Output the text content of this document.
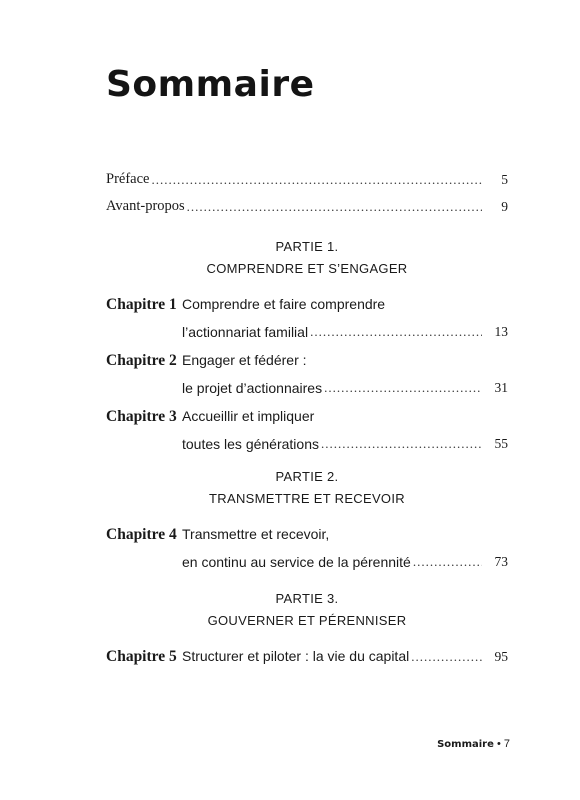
Sommaire
Préface .....	5
Avant-propos .....	9
PARTIE 1.
COMPRENDRE ET S’ENGAGER
Chapitre 1 Comprendre et faire comprendre
l’actionnariat familial .....	13
Chapitre 2 Engager et fédérer :
le projet d’actionnaires .....	31
Chapitre 3 Accueillir et impliquer
toutes les générations .....	55
PARTIE 2.
TRANSMETTRE ET RECEVOIR
Chapitre 4 Transmettre et recevoir,
en continu au service de la pérennité .....	73
PARTIE 3.
GOUVERNER ET PÉRENNISER
Chapitre 5 Structurer et piloter : la vie du capital .....	95
Sommaire • 7
